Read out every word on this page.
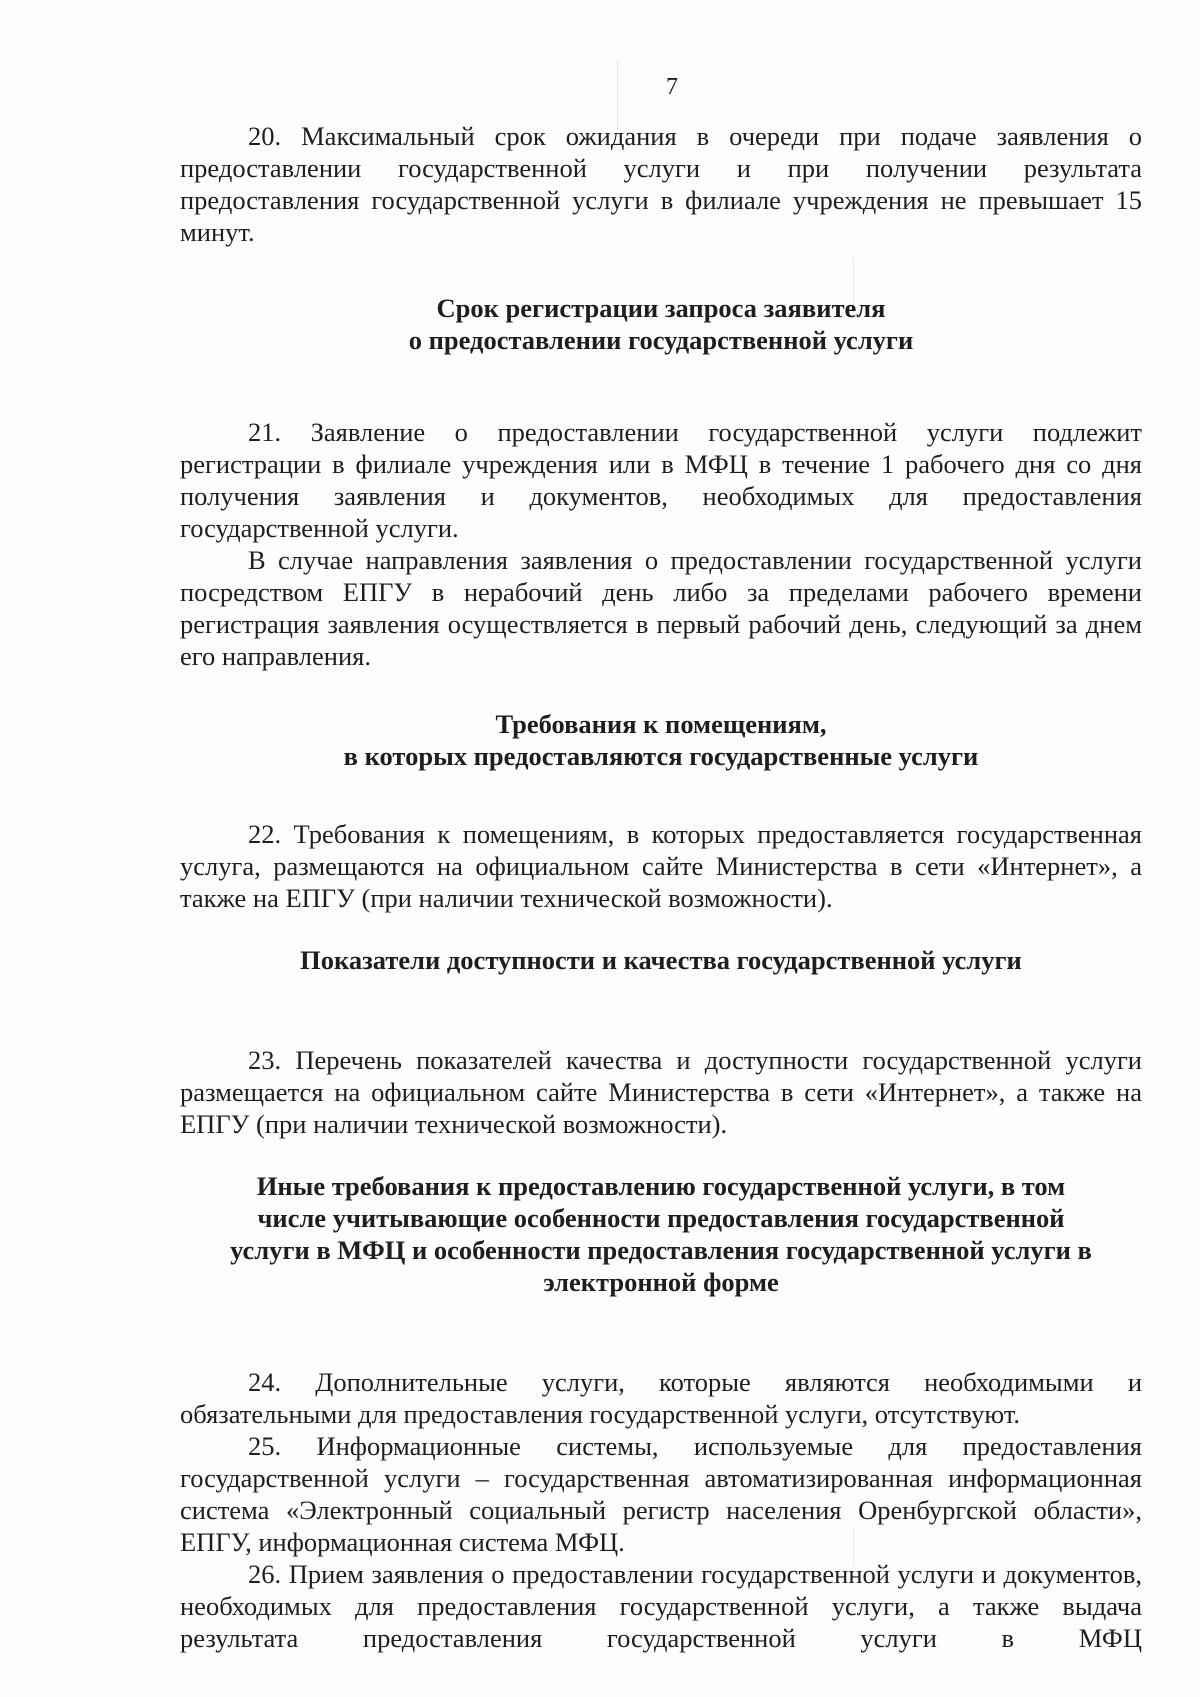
7

20. Максимальный срок ожидания в очереди при подаче заявления о предоставлении государственной услуги и при получении результата предоставления государственной услуги в филиале учреждения не превышает 15 минут.

Срок регистрации запроса заявителя
о предоставлении государственной услуги

21. Заявление о предоставлении государственной услуги подлежит регистрации в филиале учреждения или в МФЦ в течение 1 рабочего дня со дня получения заявления и документов, необходимых для предоставления государственной услуги.

В случае направления заявления о предоставлении государственной услуги посредством ЕПГУ в нерабочий день либо за пределами рабочего времени регистрация заявления осуществляется в первый рабочий день, следующий за днем его направления.

Требования к помещениям,
в которых предоставляются государственные услуги

22. Требования к помещениям, в которых предоставляется государственная услуга, размещаются на официальном сайте Министерства в сети «Интернет», а также на ЕПГУ (при наличии технической возможности).

Показатели доступности и качества государственной услуги

23. Перечень показателей качества и доступности государственной услуги размещается на официальном сайте Министерства в сети «Интернет», а также на ЕПГУ (при наличии технической возможности).

Иные требования к предоставлению государственной услуги, в том
числе учитывающие особенности предоставления государственной
услуги в МФЦ и особенности предоставления государственной услуги в
электронной форме

24. Дополнительные услуги, которые являются необходимыми и обязательными для предоставления государственной услуги, отсутствуют.

25. Информационные системы, используемые для предоставления государственной услуги – государственная автоматизированная информационная система «Электронный социальный регистр населения Оренбургской области», ЕПГУ, информационная система МФЦ.

26. Прием заявления о предоставлении государственной услуги и документов, необходимых для предоставления государственной услуги, а также выдача результата предоставления государственной услуги в МФЦ
